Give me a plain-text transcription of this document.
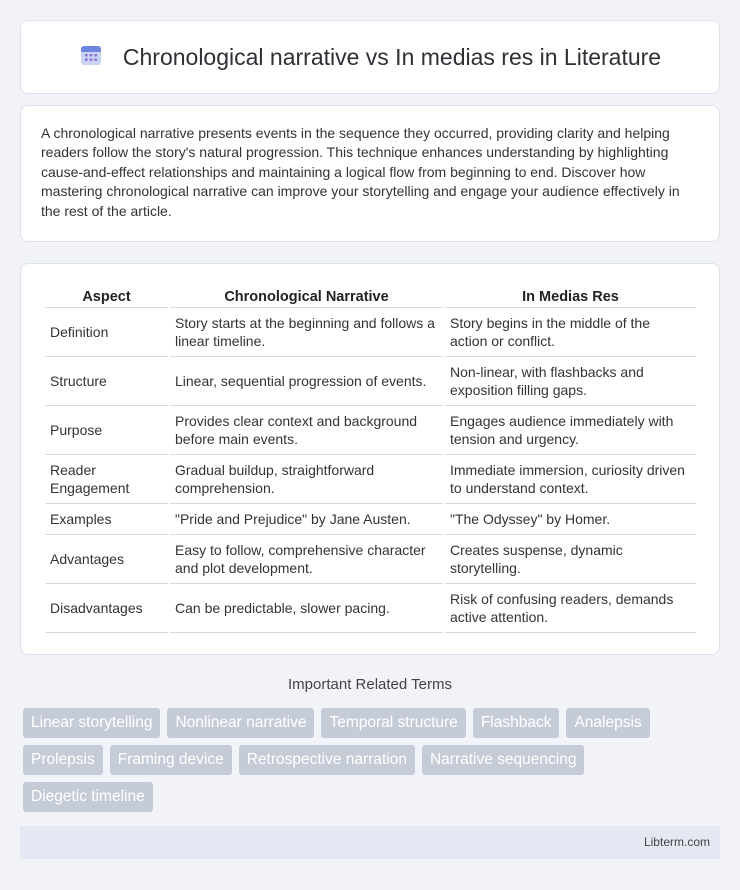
Chronological narrative vs In medias res in Literature

A chronological narrative presents events in the sequence they occurred, providing clarity and helping readers follow the story's natural progression. This technique enhances understanding by highlighting cause-and-effect relationships and maintaining a logical flow from beginning to end. Discover how mastering chronological narrative can improve your storytelling and engage your audience effectively in the rest of the article.

Aspect	Chronological Narrative	In Medias Res
Definition	Story starts at the beginning and follows a linear timeline.	Story begins in the middle of the action or conflict.
Structure	Linear, sequential progression of events.	Non-linear, with flashbacks and exposition filling gaps.
Purpose	Provides clear context and background before main events.	Engages audience immediately with tension and urgency.
Reader Engagement	Gradual buildup, straightforward comprehension.	Immediate immersion, curiosity driven to understand context.
Examples	"Pride and Prejudice" by Jane Austen.	"The Odyssey" by Homer.
Advantages	Easy to follow, comprehensive character and plot development.	Creates suspense, dynamic storytelling.
Disadvantages	Can be predictable, slower pacing.	Risk of confusing readers, demands active attention.
Important Related Terms
Linear storytelling	Nonlinear narrative	Temporal structure	Flashback	Analepsis
Prolepsis	Framing device	Retrospective narration	Narrative sequencing
Diegetic timeline
Libterm.com
